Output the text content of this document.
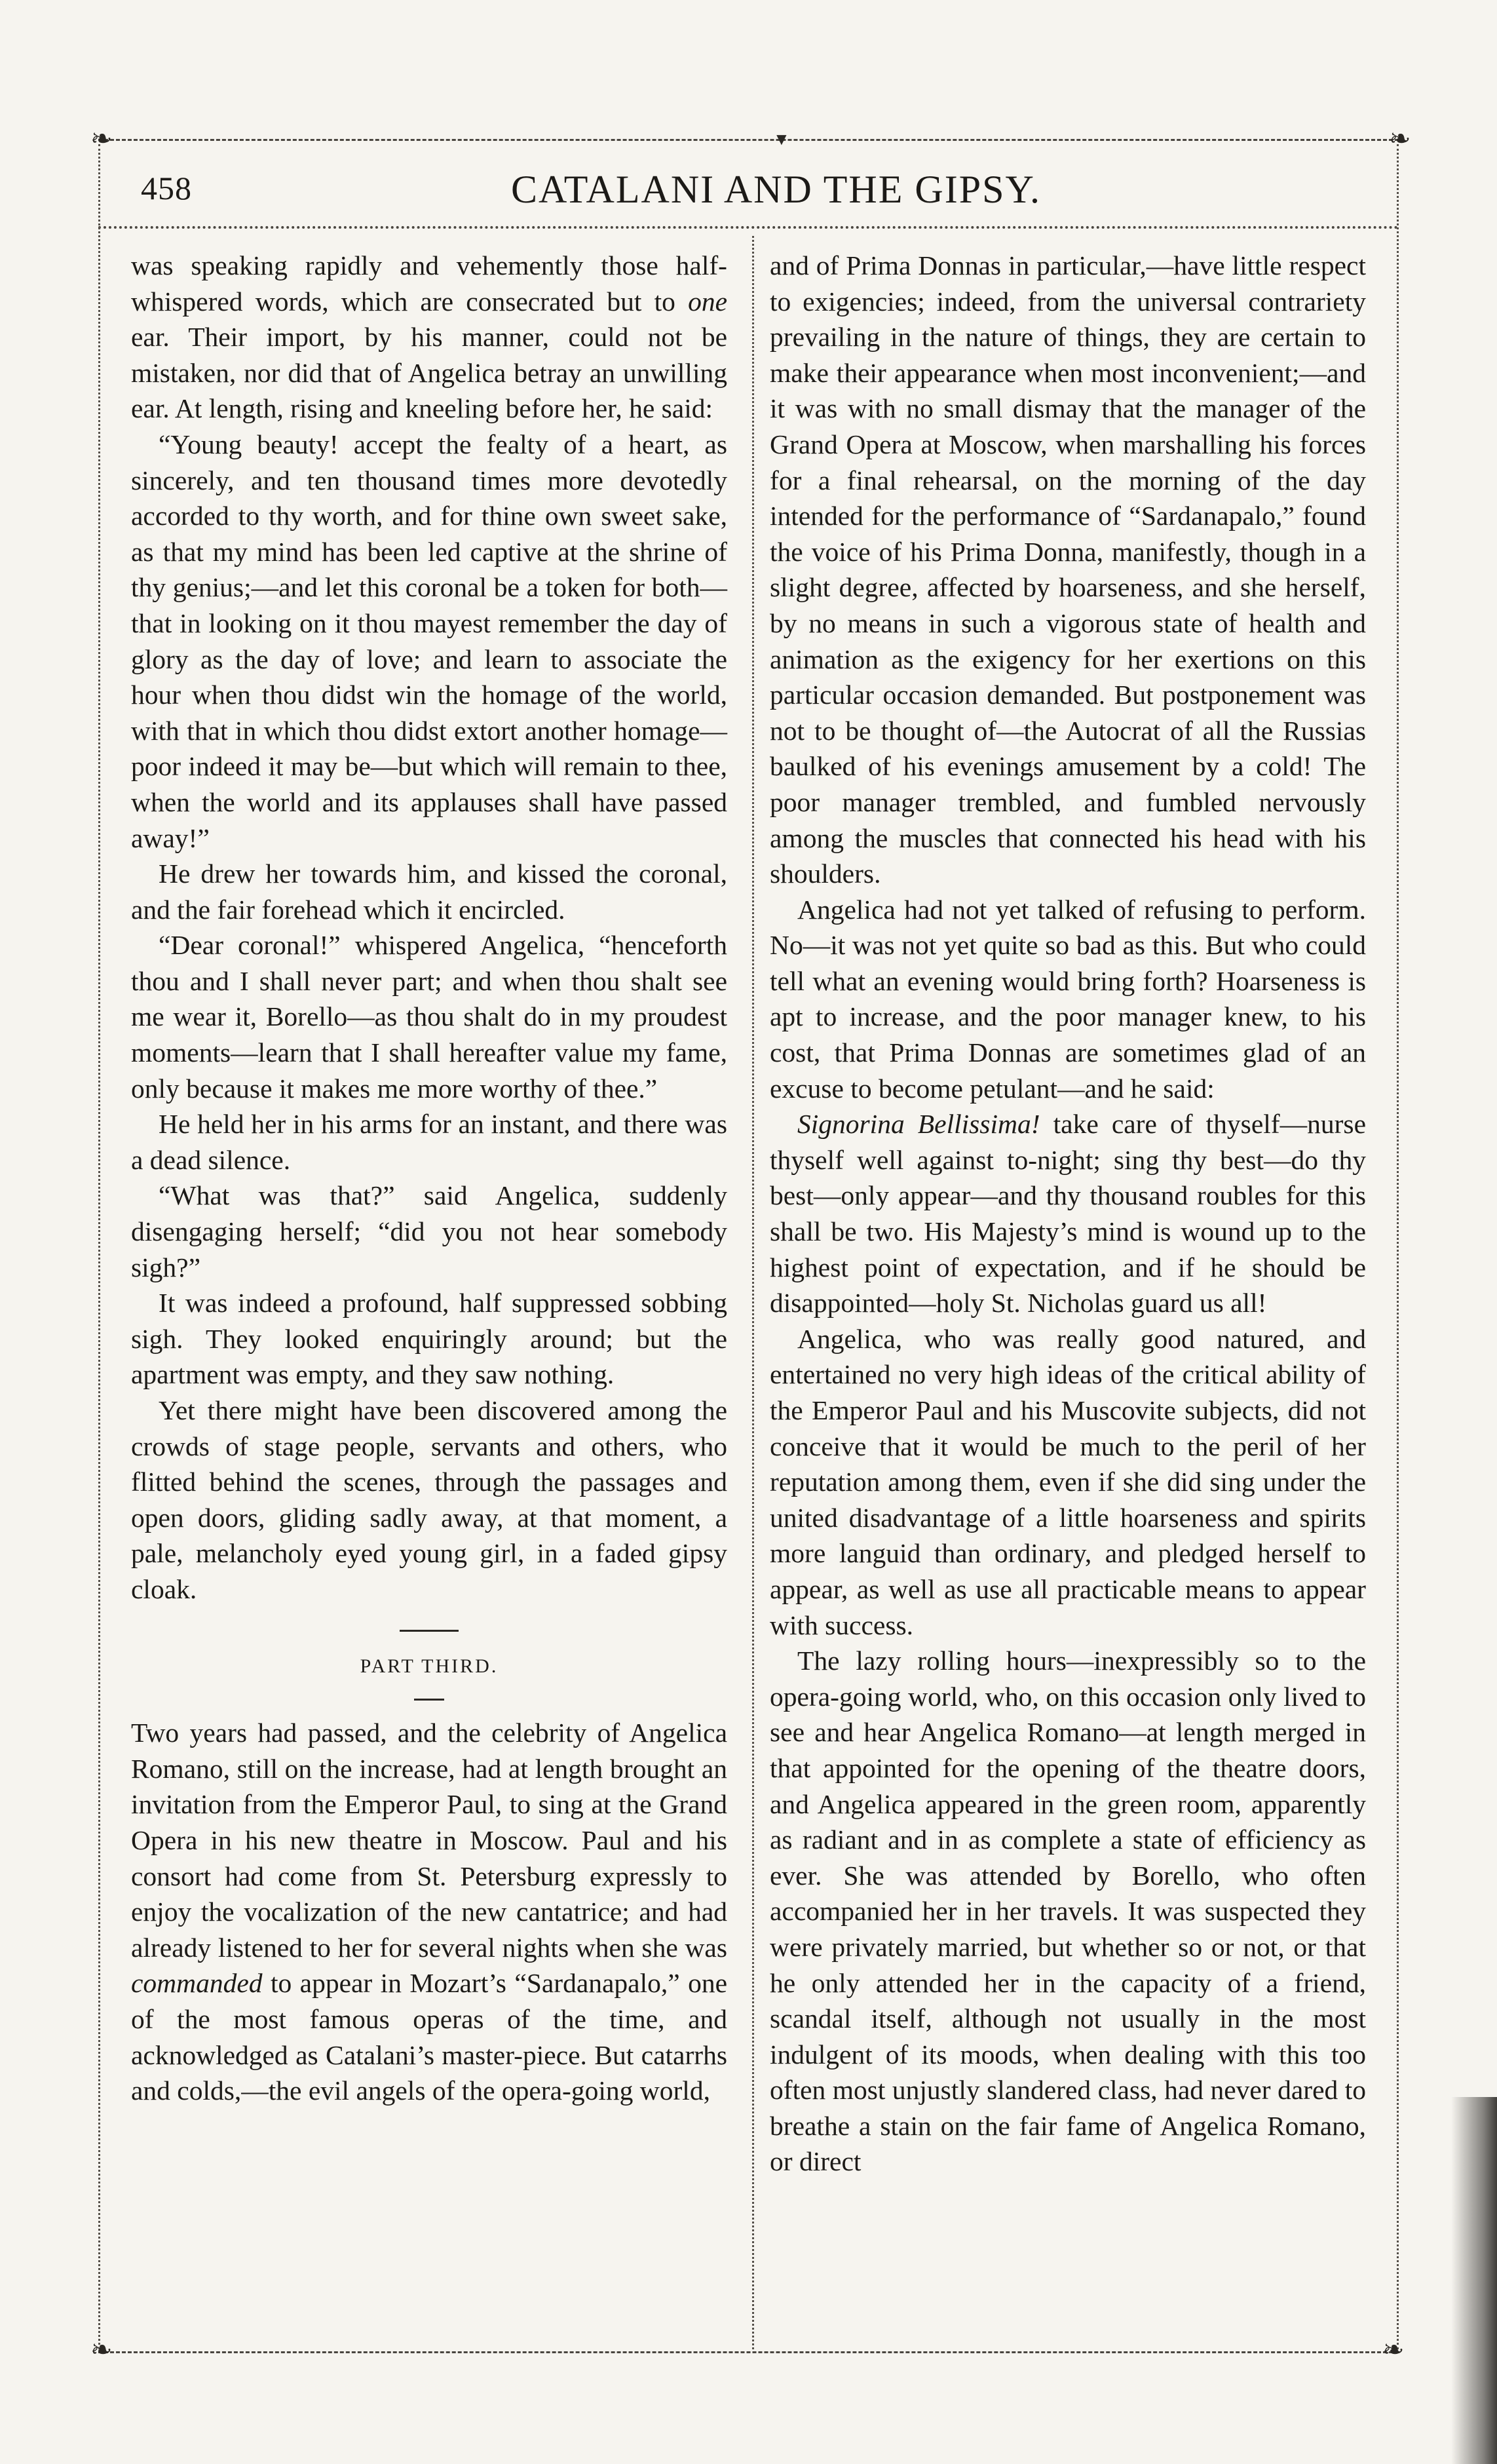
❧	❧
❧	❧
▼
458	CATALANI AND THE GIPSY.

was speaking rapidly and vehemently those half-whispered words, which are consecrated but to one ear. Their import, by his manner, could not be mistaken, nor did that of Angelica betray an unwilling ear. At length, rising and kneeling before her, he said:

“Young beauty! accept the fealty of a heart, as sincerely, and ten thousand times more devotedly accorded to thy worth, and for thine own sweet sake, as that my mind has been led captive at the shrine of thy genius;—and let this coronal be a token for both—that in looking on it thou mayest remember the day of glory as the day of love; and learn to associate the hour when thou didst win the homage of the world, with that in which thou didst extort another homage—poor indeed it may be—but which will remain to thee, when the world and its applauses shall have passed away!”

He drew her towards him, and kissed the coronal, and the fair forehead which it encircled.

“Dear coronal!” whispered Angelica, “henceforth thou and I shall never part; and when thou shalt see me wear it, Borello—as thou shalt do in my proudest moments—learn that I shall hereafter value my fame, only because it makes me more worthy of thee.”

He held her in his arms for an instant, and there was a dead silence.

“What was that?” said Angelica, suddenly disengaging herself; “did you not hear somebody sigh?”

It was indeed a profound, half suppressed sobbing sigh. They looked enquiringly around; but the apartment was empty, and they saw nothing.

Yet there might have been discovered among the crowds of stage people, servants and others, who flitted behind the scenes, through the passages and open doors, gliding sadly away, at that moment, a pale, melancholy eyed young girl, in a faded gipsy cloak.

PART THIRD.

Two years had passed, and the celebrity of Angelica Romano, still on the increase, had at length brought an invitation from the Emperor Paul, to sing at the Grand Opera in his new theatre in Moscow. Paul and his consort had come from St. Petersburg expressly to enjoy the vocalization of the new cantatrice; and had already listened to her for several nights when she was commanded to appear in Mozart’s “Sardanapalo,” one of the most famous operas of the time, and acknowledged as Catalani’s master-piece. But catarrhs and colds,—the evil angels of the opera-going world,

and of Prima Donnas in particular,—have little respect to exigencies; indeed, from the universal contrariety prevailing in the nature of things, they are certain to make their appearance when most inconvenient;—and it was with no small dismay that the manager of the Grand Opera at Moscow, when marshalling his forces for a final rehearsal, on the morning of the day intended for the performance of “Sardanapalo,” found the voice of his Prima Donna, manifestly, though in a slight degree, affected by hoarseness, and she herself, by no means in such a vigorous state of health and animation as the exigency for her exertions on this particular occasion demanded. But postponement was not to be thought of—the Autocrat of all the Russias baulked of his evenings amusement by a cold! The poor manager trembled, and fumbled nervously among the muscles that connected his head with his shoulders.

Angelica had not yet talked of refusing to perform. No—it was not yet quite so bad as this. But who could tell what an evening would bring forth? Hoarseness is apt to increase, and the poor manager knew, to his cost, that Prima Donnas are sometimes glad of an excuse to become petulant—and he said:

Signorina Bellissima! take care of thyself—nurse thyself well against to-night; sing thy best—do thy best—only appear—and thy thousand roubles for this shall be two. His Majesty’s mind is wound up to the highest point of expectation, and if he should be disappointed—holy St. Nicholas guard us all!

Angelica, who was really good natured, and entertained no very high ideas of the critical ability of the Emperor Paul and his Muscovite subjects, did not conceive that it would be much to the peril of her reputation among them, even if she did sing under the united disadvantage of a little hoarseness and spirits more languid than ordinary, and pledged herself to appear, as well as use all practicable means to appear with success.

The lazy rolling hours—inexpressibly so to the opera-going world, who, on this occasion only lived to see and hear Angelica Romano—at length merged in that appointed for the opening of the theatre doors, and Angelica appeared in the green room, apparently as radiant and in as complete a state of efficiency as ever. She was attended by Borello, who often accompanied her in her travels. It was suspected they were privately married, but whether so or not, or that he only attended her in the capacity of a friend, scandal itself, although not usually in the most indulgent of its moods, when dealing with this too often most unjustly slandered class, had never dared to breathe a stain on the fair fame of Angelica Romano, or direct
